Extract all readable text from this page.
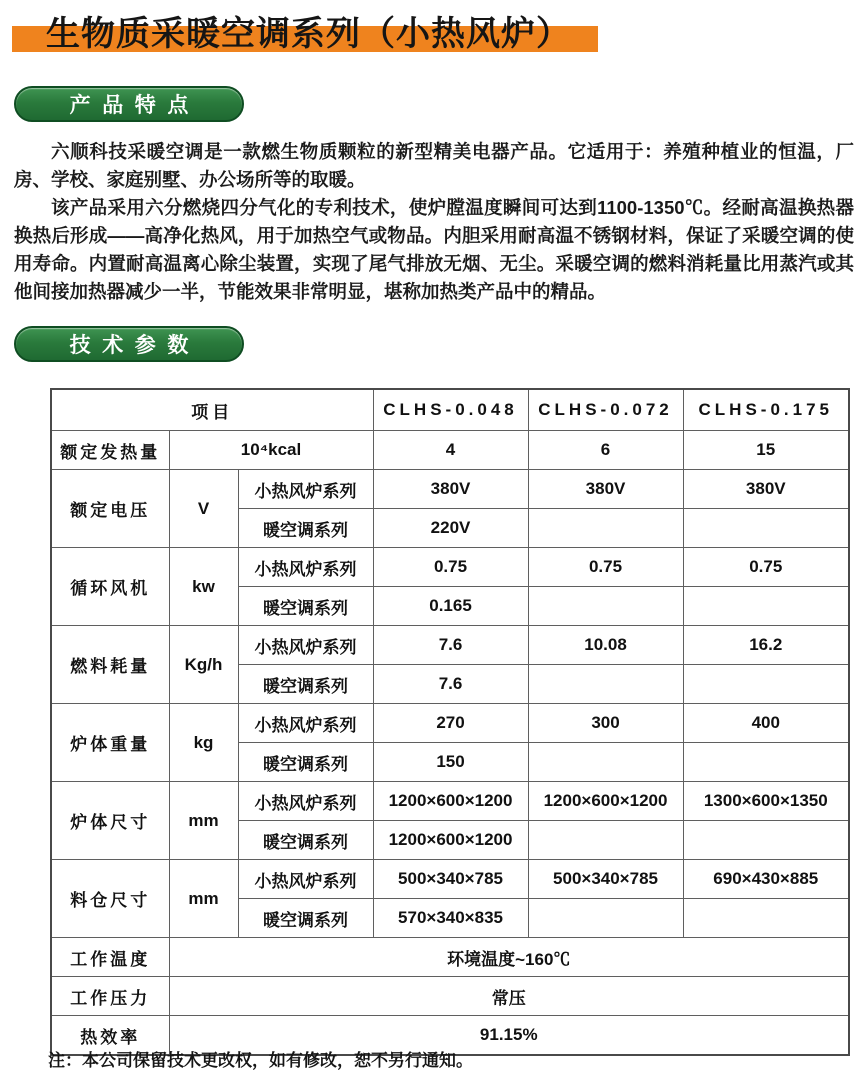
生物质采暖空调系列（小热风炉）
产品特点

六顺科技采暖空调是一款燃生物质颗粒的新型精美电器产品。它适用于：养殖种植业的恒温，厂房、学校、家庭别墅、办公场所等的取暖。

该产品采用六分燃烧四分气化的专利技术，使炉膛温度瞬间可达到1100-1350℃。经耐高温换热器换热后形成——高净化热风，用于加热空气或物品。内胆采用耐高温不锈钢材料，保证了采暖空调的使用寿命。内置耐高温离心除尘装置，实现了尾气排放无烟、无尘。采暖空调的燃料消耗量比用蒸汽或其他间接加热器减少一半，节能效果非常明显，堪称加热类产品中的精品。

技术参数
项目			CLHS-0.048	CLHS-0.072	CLHS-0.175
额定发热量	10⁴kcal		4	6	15
额定电压	V	小热风炉系列	380V	380V	380V
		暖空调系列	220V		
循环风机	kw	小热风炉系列	0.75	0.75	0.75
		暖空调系列	0.165		
燃料耗量	Kg/h	小热风炉系列	7.6	10.08	16.2
		暖空调系列	7.6		
炉体重量	kg	小热风炉系列	270	300	400
		暖空调系列	150		
炉体尺寸	mm	小热风炉系列	1200×600×1200	1200×600×1200	1300×600×1350
		暖空调系列	1200×600×1200		
料仓尺寸	mm	小热风炉系列	500×340×785	500×340×785	690×430×885
		暖空调系列	570×340×835		
工作温度	环境温度~160℃				
工作压力	常压				
热效率	91.15%				

注：本公司保留技术更改权，如有修改，恕不另行通知。
